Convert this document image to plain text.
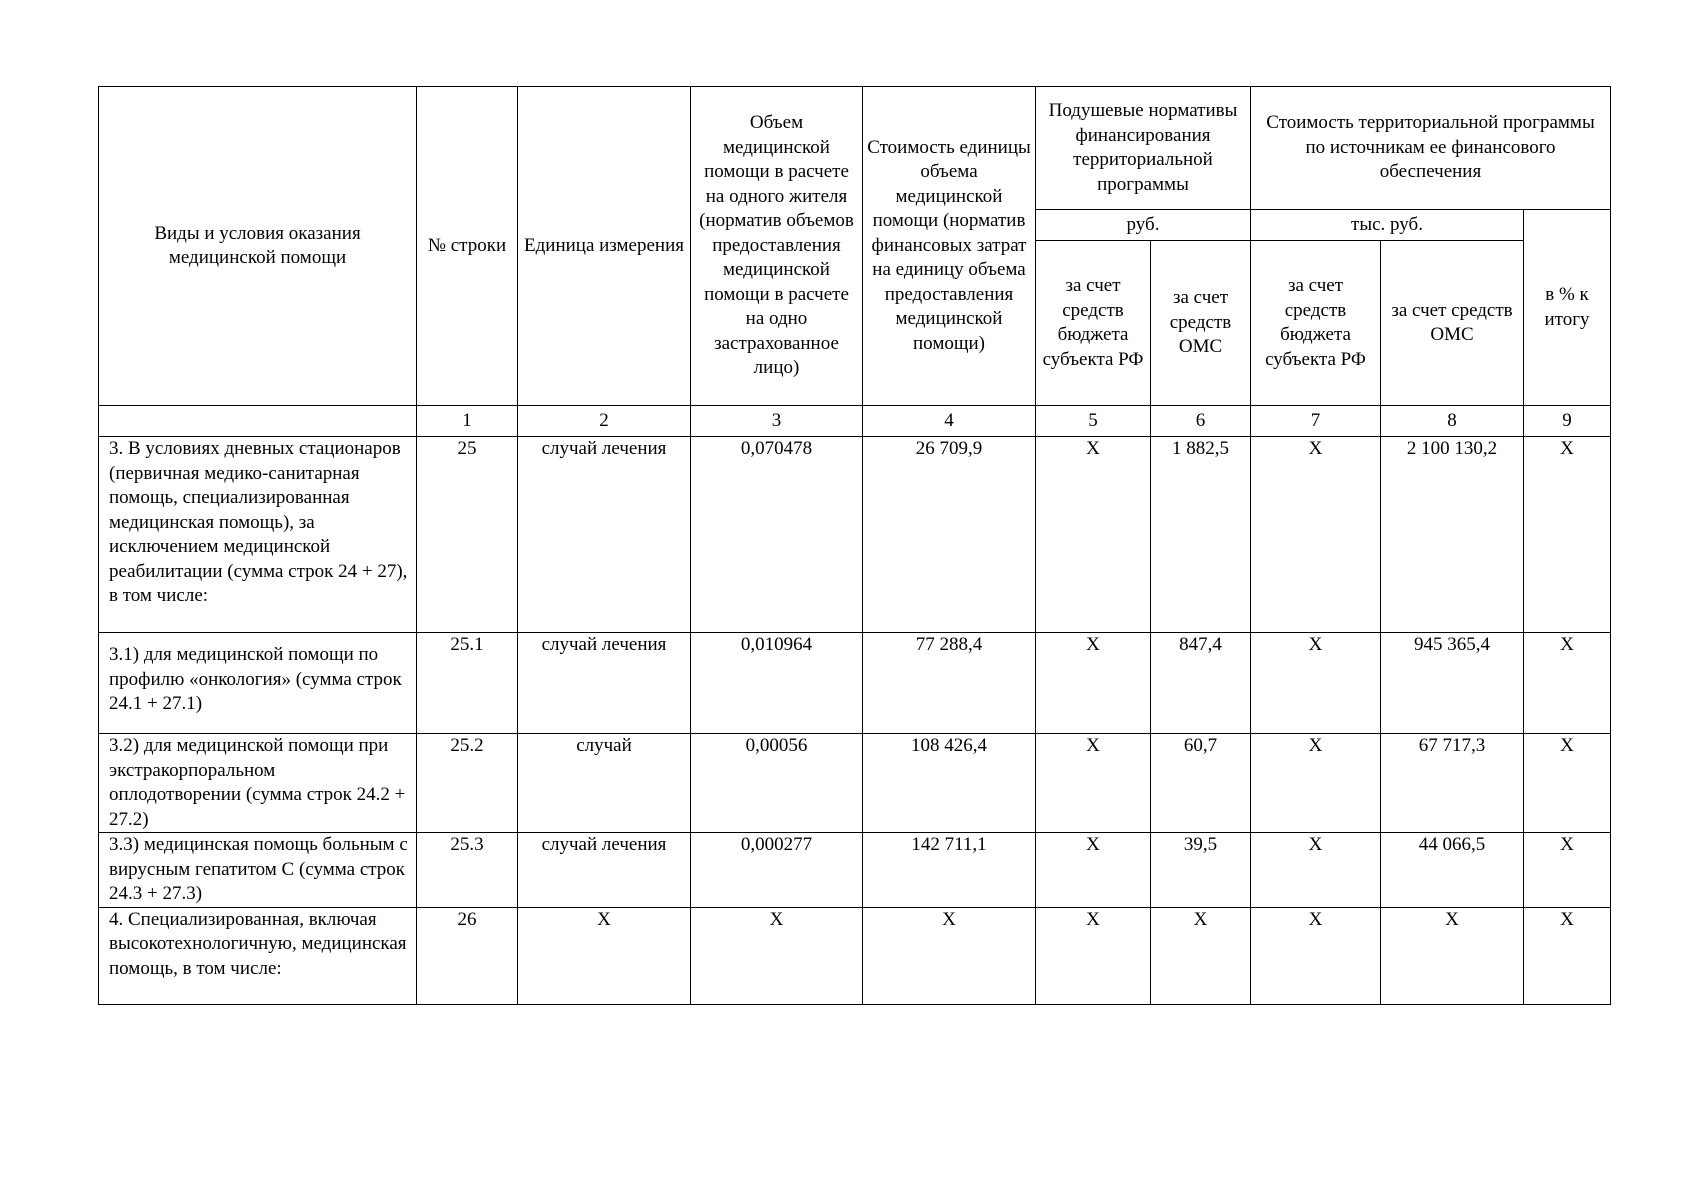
Виды и условия оказания медицинской помощи	№ строки	Единица измерения	Объем медицинской помощи в расчете на одного жителя (норматив объемов предоставления медицинской помощи в расчете на одно застрахованное лицо)	Стоимость единицы объема медицинской помощи (норматив финансовых затрат на единицу объема предоставления медицинской помощи)	Подушевые нормативы финансирования территориальной программы		Стоимость территориальной программы по источникам ее финансового обеспечения		
					руб.		тыс. руб.		в % к итогу
					за счет средств бюджета субъекта РФ	за счет средств ОМС	за счет средств бюджета субъекта РФ	за счет средств ОМС	
	1	2	3	4	5	6	7	8	9
3. В условиях дневных стационаров (первичная медико-санитарная помощь, специализированная медицинская помощь), за исключением медицинской реабилитации (сумма строк 24 + 27), в том числе:	25	случай лечения	0,070478	26 709,9	Х	1 882,5	Х	2 100 130,2	Х
3.1) для медицинской помощи по профилю «онкология» (сумма строк 24.1 + 27.1)	25.1	случай лечения	0,010964	77 288,4	Х	847,4	Х	945 365,4	Х
3.2) для медицинской помощи при экстракорпоральном оплодотворении (сумма строк 24.2 + 27.2)	25.2	случай	0,00056	108 426,4	Х	60,7	Х	67 717,3	Х
3.3) медицинская помощь больным с вирусным гепатитом С (сумма строк 24.3 + 27.3)	25.3	случай лечения	0,000277	142 711,1	Х	39,5	Х	44 066,5	Х
4. Специализированная, включая высокотехнологичную, медицинская помощь, в том числе:	26	Х	Х	Х	Х	Х	Х	Х	Х
